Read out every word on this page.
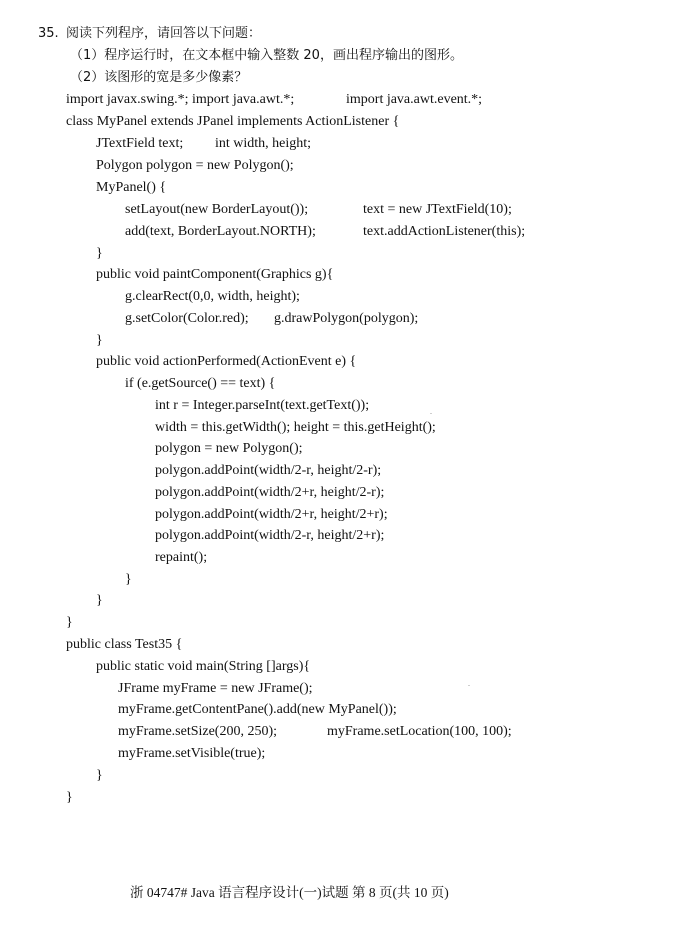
35. 阅读下列程序，请回答以下问题：
（1）程序运行时，在文本框中输入整数 20，画出程序输出的图形。
（2）该图形的宽是多少像素？
import javax.swing.*; import java.awt.*;	import java.awt.event.*;
class MyPanel extends JPanel implements ActionListener {
JTextField text; int width, height;
Polygon polygon = new Polygon();
MyPanel() {
setLayout(new BorderLayout());	text = new JTextField(10);
add(text, BorderLayout.NORTH);	text.addActionListener(this);
}
public void paintComponent(Graphics g){
g.clearRect(0,0, width, height);
g.setColor(Color.red); g.drawPolygon(polygon);
}
public void actionPerformed(ActionEvent e) {
if (e.getSource() == text) {
int r = Integer.parseInt(text.getText());
width = this.getWidth(); height = this.getHeight();
polygon = new Polygon();
polygon.addPoint(width/2-r, height/2-r);
polygon.addPoint(width/2+r, height/2-r);
polygon.addPoint(width/2+r, height/2+r);
polygon.addPoint(width/2-r, height/2+r);
repaint();
}
}
}
public class Test35 {
public static void main(String []args){
JFrame myFrame = new JFrame();
myFrame.getContentPane().add(new MyPanel());
myFrame.setSize(200, 250);	myFrame.setLocation(100, 100);
myFrame.setVisible(true);
}
}
浙 04747# Java 语言程序设计(一)试题 第 8 页(共 10 页)
